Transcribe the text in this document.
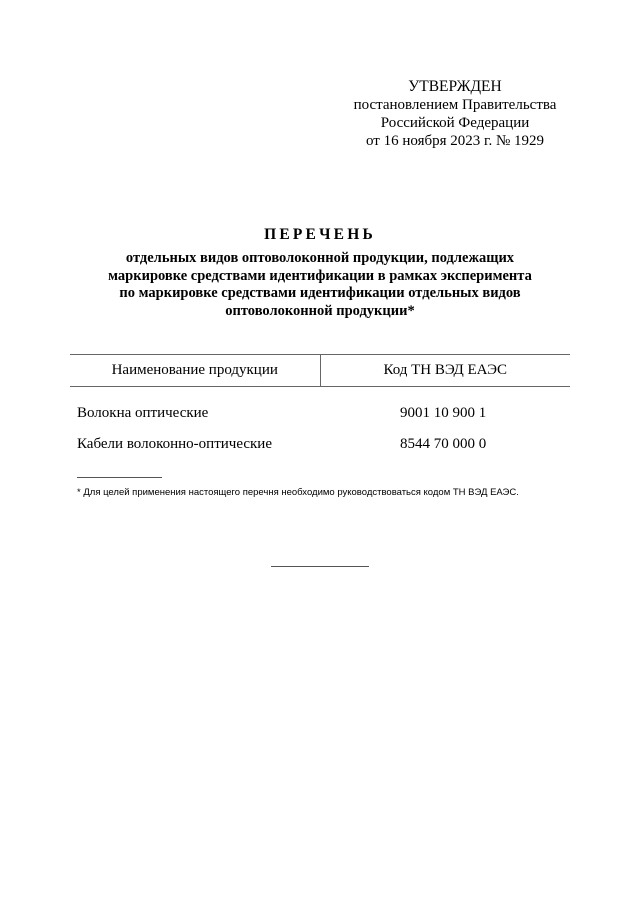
УТВЕРЖДЕН
постановлением Правительства
Российской Федерации
от 16 ноября 2023 г. № 1929
ПЕРЕЧЕНЬ
отдельных видов оптоволоконной продукции, подлежащих
маркировке средствами идентификации в рамках эксперимента
по маркировке средствами идентификации отдельных видов
оптоволоконной продукции*
Наименование продукции	Код ТН ВЭД ЕАЭС
Волокна оптические	9001 10 900 1
Кабели волоконно-оптические	8544 70 000 0
* Для целей применения настоящего перечня необходимо руководствоваться кодом ТН ВЭД ЕАЭС.
